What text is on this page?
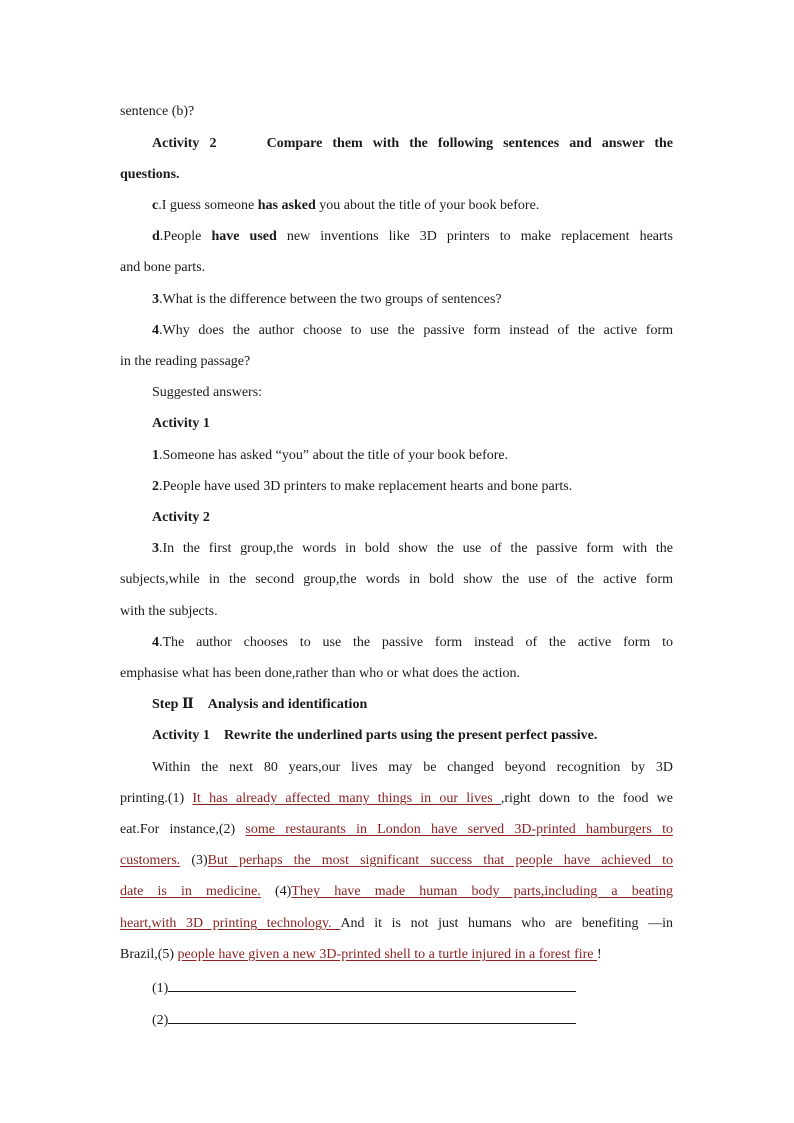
sentence (b)?
Activity 2	Compare them with the following sentences and answer the
questions.
c.I guess someone has asked you about the title of your book before.
d.People have used new inventions like 3D printers to make replacement hearts
and bone parts.
3.What is the difference between the two groups of sentences?
4.Why does the author choose to use the passive form instead of the active form
in the reading passage?
Suggested answers:
Activity 1
1.Someone has asked “you” about the title of your book before.
2.People have used 3D printers to make replacement hearts and bone parts.
Activity 2
3.In the first group,the words in bold show the use of the passive form with the
subjects,while in the second group,the words in bold show the use of the active form
with the subjects.
4.The author chooses to use the passive form instead of the active form to
emphasise what has been done,rather than who or what does the action.
Step Ⅱ Analysis and identification
Activity 1 Rewrite the underlined parts using the present perfect passive.
Within the next 80 years,our lives may be changed beyond recognition by 3D
printing.(1) It has already affected many things in our lives ,right down to the food we
eat.For instance,(2) some restaurants in London have served 3D-printed hamburgers to
customers. (3)But perhaps the most significant success that people have achieved to
date is in medicine. (4)They have made human body parts,including a beating
heart,with 3D printing technology. And it is not just humans who are benefiting —in
Brazil,(5) people have given a new 3D-printed shell to a turtle injured in a forest fire !
(1)
(2)
